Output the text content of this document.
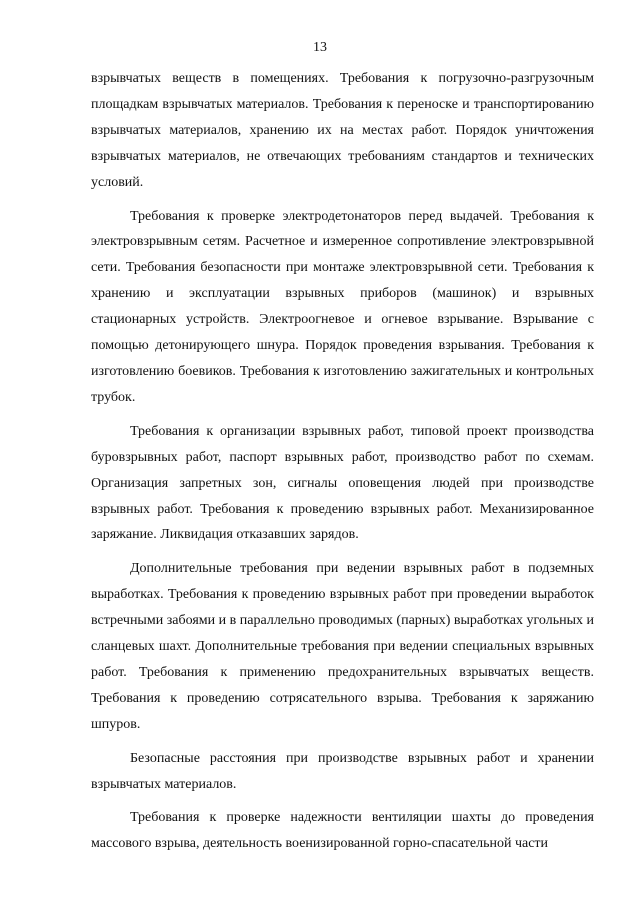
13

взрывчатых веществ в помещениях. Требования к погрузочно-разгрузочным площадкам взрывчатых материалов. Требования к переноске и транспортированию взрывчатых материалов, хранению их на местах работ. Порядок уничтожения взрывчатых материалов, не отвечающих требованиям стандартов и технических условий.

Требования к проверке электродетонаторов перед выдачей. Требования к электровзрывным сетям. Расчетное и измеренное сопротивление электровзрывной сети. Требования безопасности при монтаже электровзрывной сети. Требования к хранению и эксплуатации взрывных приборов (машинок) и взрывных стационарных устройств. Электроогневое и огневое взрывание. Взрывание с помощью детонирующего шнура. Порядок проведения взрывания. Требования к изготовлению боевиков. Требования к изготовлению зажигательных и контрольных трубок.

Требования к организации взрывных работ, типовой проект производства буровзрывных работ, паспорт взрывных работ, производство работ по схемам. Организация запретных зон, сигналы оповещения людей при производстве взрывных работ. Требования к проведению взрывных работ. Механизированное заряжание. Ликвидация отказавших зарядов.

Дополнительные требования при ведении взрывных работ в подземных выработках. Требования к проведению взрывных работ при проведении выработок встречными забоями и в параллельно проводимых (парных) выработках угольных и сланцевых шахт. Дополнительные требования при ведении специальных взрывных работ. Требования к применению предохранительных взрывчатых веществ. Требования к проведению сотрясательного взрыва. Требования к заряжанию шпуров.

Безопасные расстояния при производстве взрывных работ и хранении взрывчатых материалов.

Требования к проверке надежности вентиляции шахты до проведения массового взрыва, деятельность военизированной горно-спасательной части
